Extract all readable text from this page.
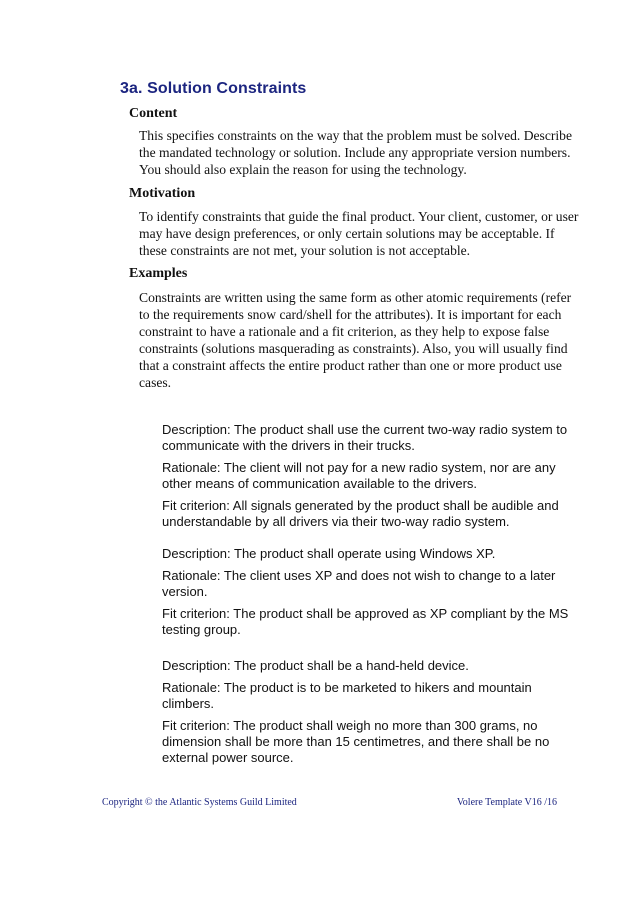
3a. Solution Constraints
Content

This specifies constraints on the way that the problem must be solved. Describe the mandated technology or solution. Include any appropriate version numbers. You should also explain the reason for using the technology.

Motivation

To identify constraints that guide the final product. Your client, customer, or user may have design preferences, or only certain solutions may be acceptable. If these constraints are not met, your solution is not acceptable.

Examples

Constraints are written using the same form as other atomic requirements (refer to the requirements snow card/shell for the attributes). It is important for each constraint to have a rationale and a fit criterion, as they help to expose false constraints (solutions masquerading as constraints). Also, you will usually find that a constraint affects the entire product rather than one or more product use cases.

Description: The product shall use the current two-way radio system to communicate with the drivers in their trucks.

Rationale: The client will not pay for a new radio system, nor are any other means of communication available to the drivers.

Fit criterion: All signals generated by the product shall be audible and understandable by all drivers via their two-way radio system.

Description: The product shall operate using Windows XP.

Rationale: The client uses XP and does not wish to change to a later version.

Fit criterion: The product shall be approved as XP compliant by the MS testing group.

Description: The product shall be a hand-held device.

Rationale: The product is to be marketed to hikers and mountain climbers.

Fit criterion: The product shall weigh no more than 300 grams, no dimension shall be more than 15 centimetres, and there shall be no external power source.

Copyright © the Atlantic Systems Guild Limited	Volere Template V16 /16
